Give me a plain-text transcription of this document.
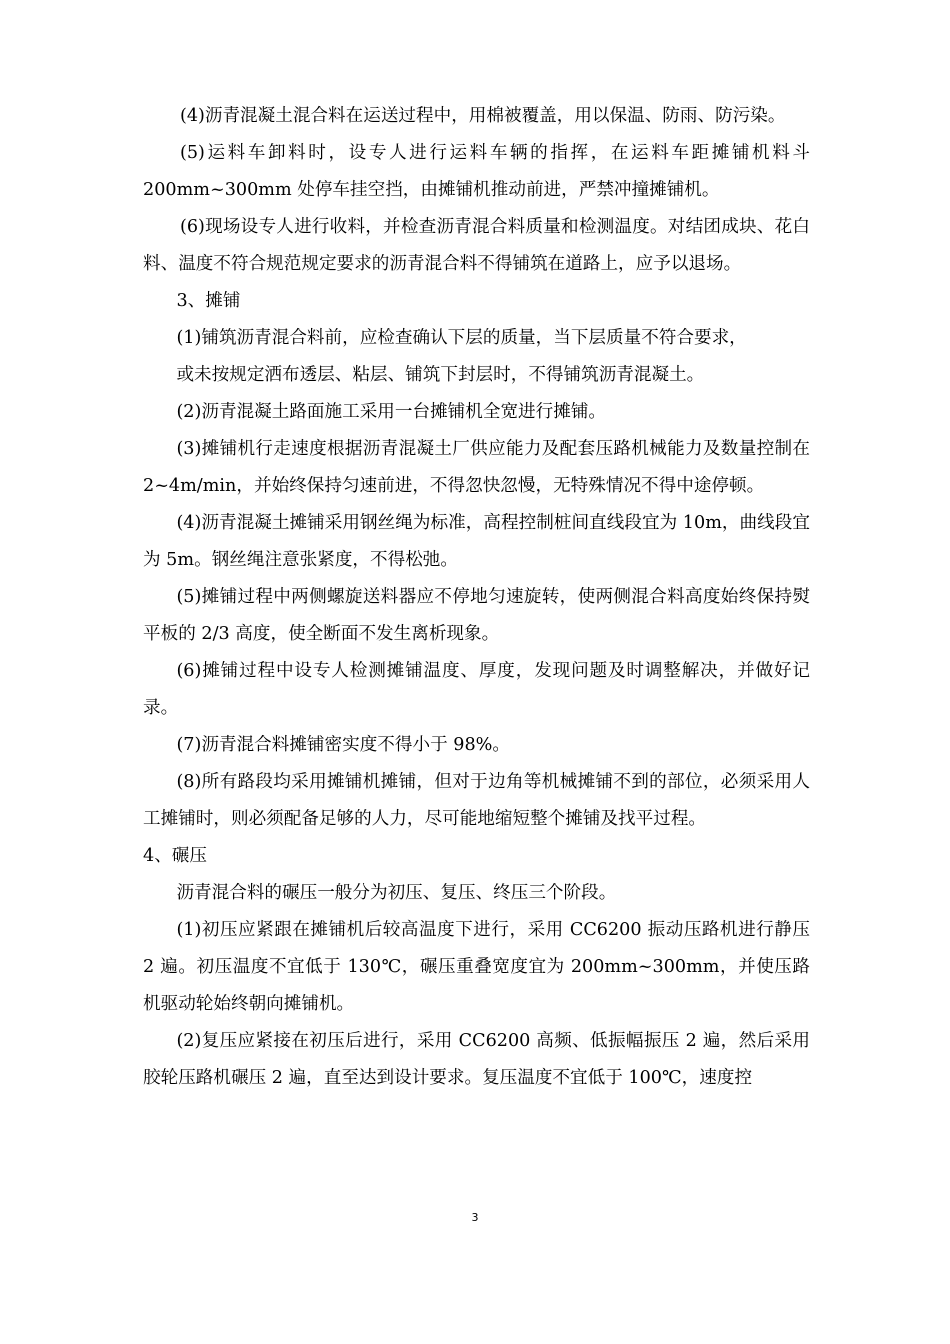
(4)沥青混凝土混合料在运送过程中，用棉被覆盖，用以保温、防雨、防污染。

(5)运料车卸料时，设专人进行运料车辆的指挥，在运料车距摊铺机料斗200mm~300mm 处停车挂空挡，由摊铺机推动前进，严禁冲撞摊铺机。

(6)现场设专人进行收料，并检查沥青混合料质量和检测温度。对结团成块、花白料、温度不符合规范规定要求的沥青混合料不得铺筑在道路上，应予以退场。

3、摊铺

(1)铺筑沥青混合料前，应检查确认下层的质量，当下层质量不符合要求，

或未按规定洒布透层、粘层、铺筑下封层时，不得铺筑沥青混凝土。

(2)沥青混凝土路面施工采用一台摊铺机全宽进行摊铺。

(3)摊铺机行走速度根据沥青混凝土厂供应能力及配套压路机械能力及数量控制在 2~4m/min，并始终保持匀速前进，不得忽快忽慢，无特殊情况不得中途停顿。

(4)沥青混凝土摊铺采用钢丝绳为标准，高程控制桩间直线段宜为 10m，曲线段宜为 5m。钢丝绳注意张紧度，不得松弛。

(5)摊铺过程中两侧螺旋送料器应不停地匀速旋转，使两侧混合料高度始终保持熨平板的 2/3 高度，使全断面不发生离析现象。

(6)摊铺过程中设专人检测摊铺温度、厚度，发现问题及时调整解决，并做好记录。

(7)沥青混合料摊铺密实度不得小于 98%。

(8)所有路段均采用摊铺机摊铺，但对于边角等机械摊铺不到的部位，必须采用人工摊铺时，则必须配备足够的人力，尽可能地缩短整个摊铺及找平过程。

4、碾压

沥青混合料的碾压一般分为初压、复压、终压三个阶段。

(1)初压应紧跟在摊铺机后较高温度下进行，采用 CC6200 振动压路机进行静压 2 遍。初压温度不宜低于 130℃，碾压重叠宽度宜为 200mm~300mm，并使压路机驱动轮始终朝向摊铺机。

(2)复压应紧接在初压后进行，采用 CC6200 高频、低振幅振压 2 遍，然后采用胶轮压路机碾压 2 遍，直至达到设计要求。复压温度不宜低于 100℃，速度控

3
